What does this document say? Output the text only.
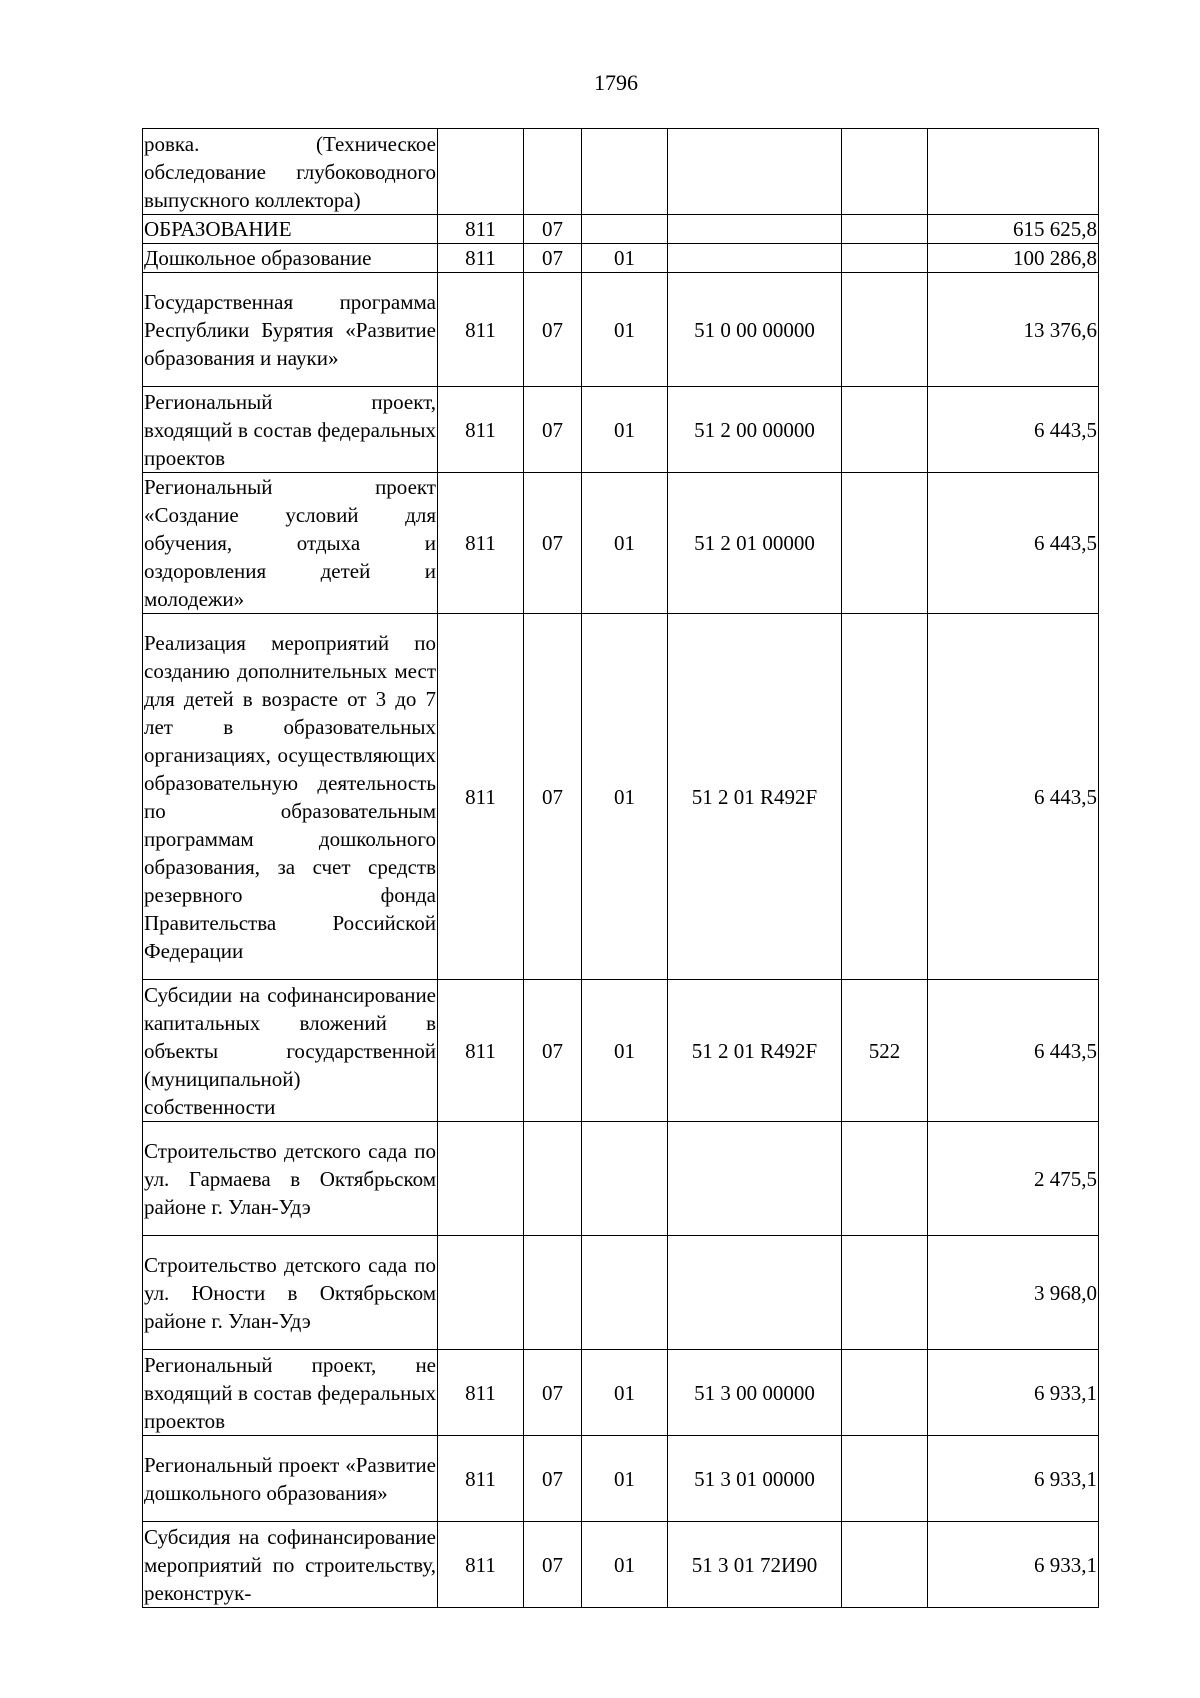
1796
ровка. (Техническое обследование глубоководного выпускного коллектора)						
ОБРАЗОВАНИЕ	811	07				615 625,8
Дошкольное образование	811	07	01			100 286,8
Государственная программа Республики Бурятия «Развитие образования и науки»	811	07	01	51 0 00 00000		13 376,6
Региональный проект, входящий в состав федеральных проектов	811	07	01	51 2 00 00000		6 443,5
Региональный проект «Создание условий для обучения, отдыха и оздоровления детей и молодежи»	811	07	01	51 2 01 00000		6 443,5
Реализация мероприятий по созданию дополнительных мест для детей в возрасте от 3 до 7 лет в образовательных организациях, осуществляющих образовательную деятельность по образовательным программам дошкольного образования, за счет средств резервного фонда Правительства Российской Федерации	811	07	01	51 2 01 R492F		6 443,5
Субсидии на софинансирование капитальных вложений в объекты государственной (муниципальной) собственности	811	07	01	51 2 01 R492F	522	6 443,5
Строительство детского сада по ул. Гармаева в Октябрьском районе г. Улан-Удэ						2 475,5
Строительство детского сада по ул. Юности в Октябрьском районе г. Улан-Удэ						3 968,0
Региональный проект, не входящий в состав федеральных проектов	811	07	01	51 3 00 00000		6 933,1
Региональный проект «Развитие дошкольного образования»	811	07	01	51 3 01 00000		6 933,1
Субсидия на софинансирование мероприятий по строительству, реконструк-	811	07	01	51 3 01 72И90		6 933,1
